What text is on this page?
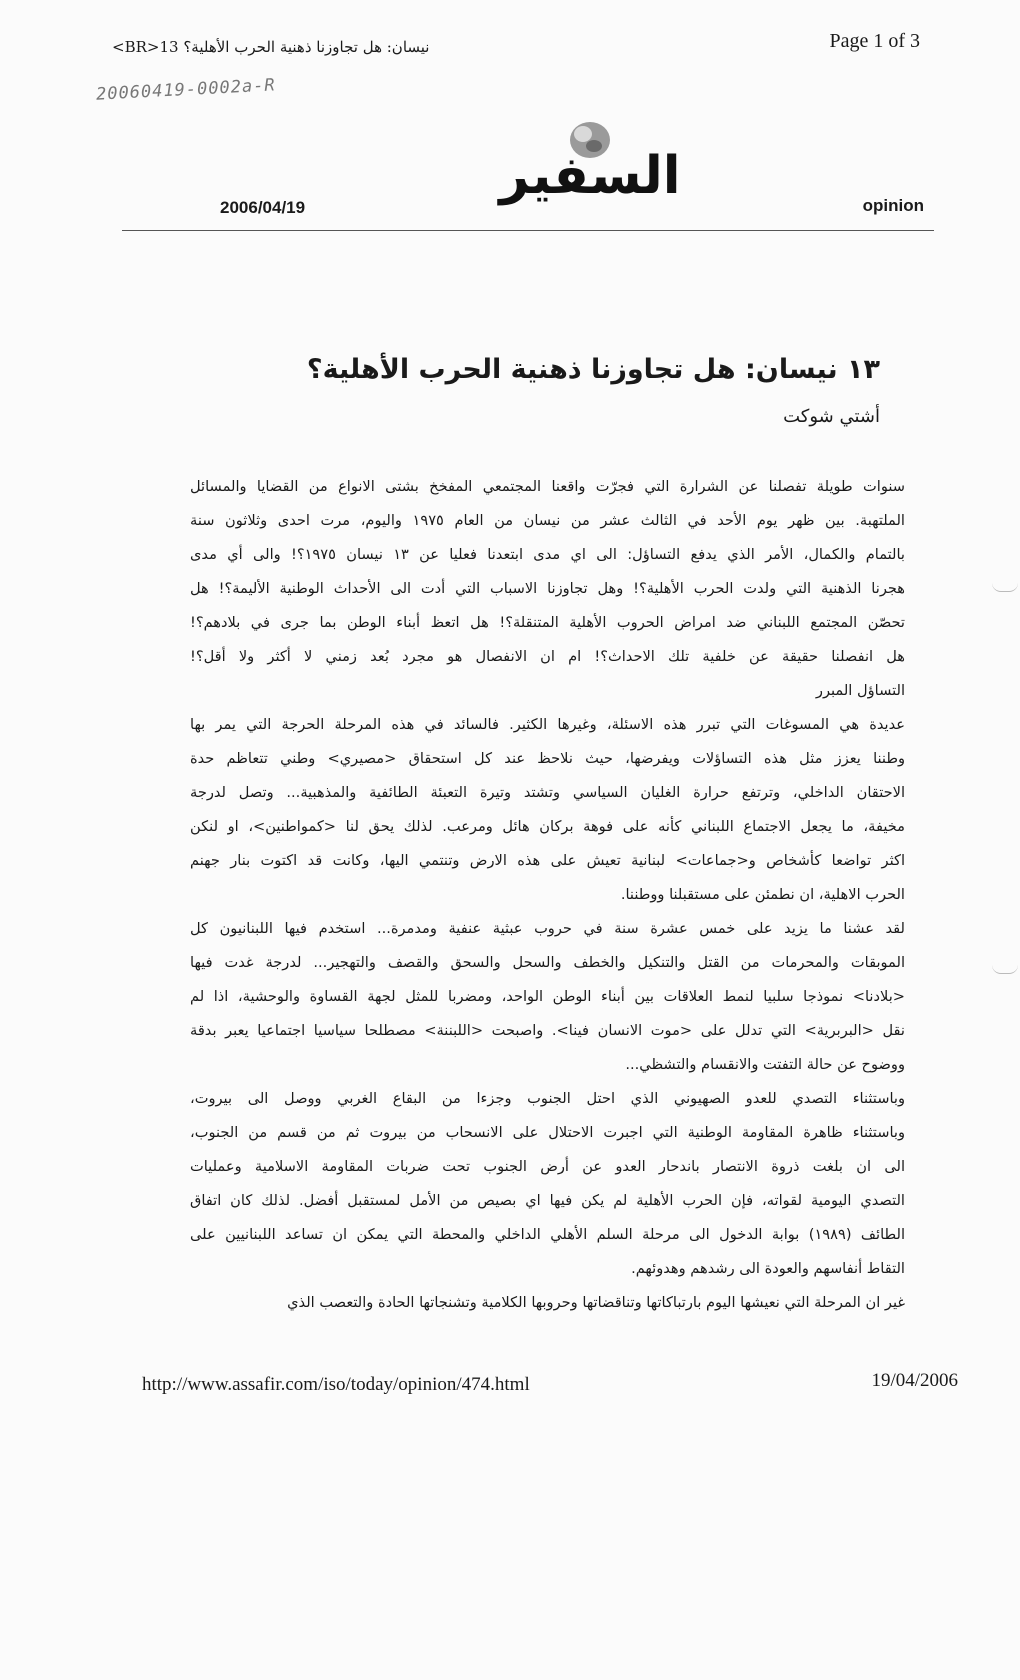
نيسان: هل تجاوزنا ذهنية الحرب الأهلية؟ 13<BR>	Page 1 of 3
20060419-0002a-R
السفير
2006/04/19	opinion
١٣ نيسان: هل تجاوزنا ذهنية الحرب الأهلية؟
أشتي شوكت
سنوات طويلة تفصلنا عن الشرارة التي فجرّت واقعنا المجتمعي المفخخ بشتى الانواع من القضايا والمسائل
الملتهبة. بين ظهر يوم الأحد في الثالث عشر من نيسان من العام ١٩٧٥ واليوم، مرت احدى وثلاثون سنة
بالتمام والكمال، الأمر الذي يدفع التساؤل: الى اي مدى ابتعدنا فعليا عن ١٣ نيسان ١٩٧٥؟! والى أي مدى
هجرنا الذهنية التي ولدت الحرب الأهلية؟! وهل تجاوزنا الاسباب التي أدت الى الأحداث الوطنية الأليمة؟! هل
تحصّن المجتمع اللبناني ضد امراض الحروب الأهلية المتنقلة؟! هل اتعظ أبناء الوطن بما جرى في بلادهم؟!
هل انفصلنا حقيقة عن خلفية تلك الاحداث؟! ام ان الانفصال هو مجرد بُعد زمني لا أكثر ولا أقل؟!
التساؤل المبرر
عديدة هي المسوغات التي تبرر هذه الاسئلة، وغيرها الكثير. فالسائد في هذه المرحلة الحرجة التي يمر بها
وطننا يعزز مثل هذه التساؤلات ويفرضها، حيث نلاحظ عند كل استحقاق <مصيري> وطني تتعاظم حدة
الاحتقان الداخلي، وترتفع حرارة الغليان السياسي وتشتد وتيرة التعبئة الطائفية والمذهبية... وتصل لدرجة
مخيفة، ما يجعل الاجتماع اللبناني كأنه على فوهة بركان هائل ومرعب. لذلك يحق لنا <كمواطنين>، او لنكن
اكثر تواضعا كأشخاص و<جماعات> لبنانية تعيش على هذه الارض وتنتمي اليها، وكانت قد اكتوت بنار جهنم
الحرب الاهلية، ان نطمئن على مستقبلنا ووطننا.
لقد عشنا ما يزيد على خمس عشرة سنة في حروب عبثية عنفية ومدمرة... استخدم فيها اللبنانيون كل
الموبقات والمحرمات من القتل والتنكيل والخطف والسحل والسحق والقصف والتهجير... لدرجة غدت فيها
<بلادنا> نموذجا سلبيا لنمط العلاقات بين أبناء الوطن الواحد، ومضربا للمثل لجهة القساوة والوحشية، اذا لم
نقل <البربرية> التي تدلل على <موت الانسان فينا>. واصبحت <اللبننة> مصطلحا سياسيا اجتماعيا يعبر بدقة
ووضوح عن حالة التفتت والانقسام والتشظي...
وباستثناء التصدي للعدو الصهيوني الذي احتل الجنوب وجزءا من البقاع الغربي ووصل الى بيروت،
وباستثناء ظاهرة المقاومة الوطنية التي اجبرت الاحتلال على الانسحاب من بيروت ثم من قسم من الجنوب،
الى ان بلغت ذروة الانتصار باندحار العدو عن أرض الجنوب تحت ضربات المقاومة الاسلامية وعمليات
التصدي اليومية لقواته، فإن الحرب الأهلية لم يكن فيها اي بصيص من الأمل لمستقبل أفضل. لذلك كان اتفاق
الطائف (١٩٨٩) بوابة الدخول الى مرحلة السلم الأهلي الداخلي والمحطة التي يمكن ان تساعد اللبنانيين على
التقاط أنفاسهم والعودة الى رشدهم وهدوئهم.
غير ان المرحلة التي نعيشها اليوم بارتباكاتها وتناقضاتها وحروبها الكلامية وتشنجاتها الحادة والتعصب الذي
http://www.assafir.com/iso/today/opinion/474.html	19/04/2006
